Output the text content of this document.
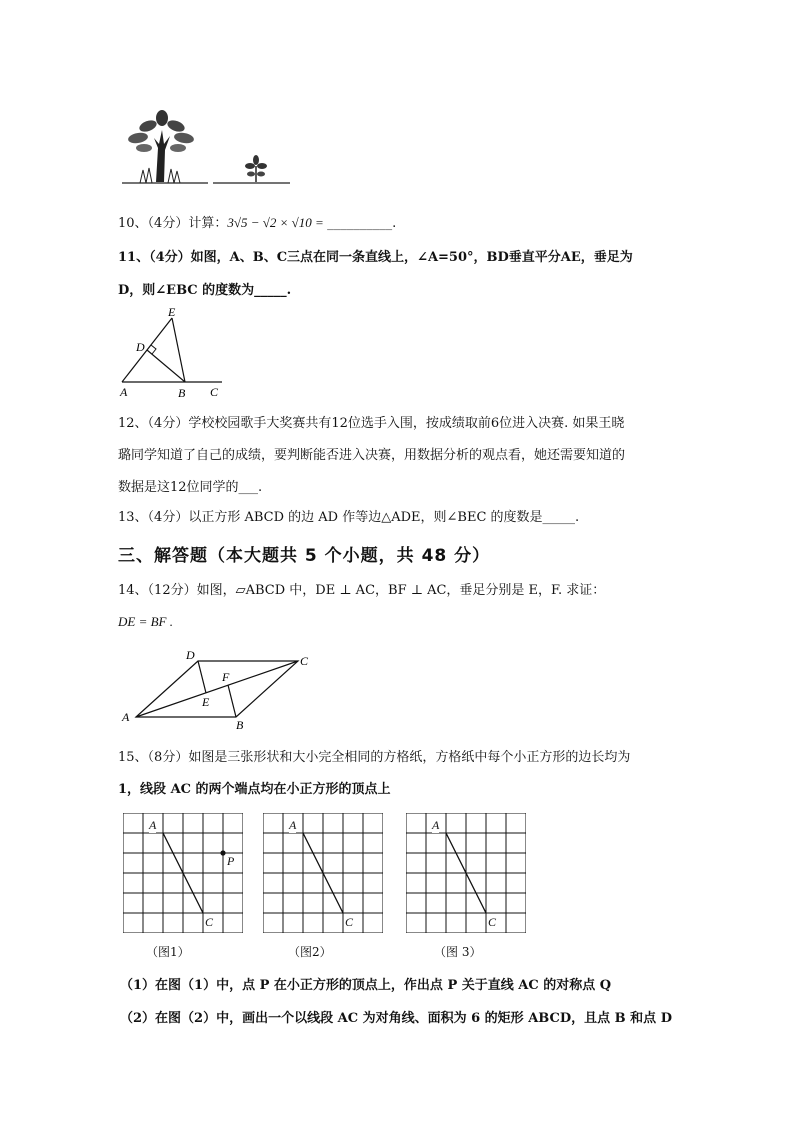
10、（4分）计算：3√5 − √2 × √10 = __________.
11、（4分）如图，A、B、C三点在同一条直线上，∠A=50°，BD垂直平分AE，垂足为
D，则∠EBC 的度数为_____.
E
D
A	B C
12、（4分）学校校园歌手大奖赛共有12位选手入围，按成绩取前6位进入决赛. 如果王晓
璐同学知道了自己的成绩，要判断能否进入决赛，用数据分析的观点看，她还需要知道的
数据是这12位同学的___.
13、（4分）以正方形 ABCD 的边 AD 作等边△ADE，则∠BEC 的度数是_____.
三、解答题（本大题共 5 个小题，共 48 分）
14、（12分）如图，▱ABCD 中，DE ⊥ AC，BF ⊥ AC，垂足分别是 E，F. 求证：
DE = BF .
D	C
F
E
A
B
15、（8分）如图是三张形状和大小完全相同的方格纸，方格纸中每个小正方形的边长均为
1，线段 AC 的两个端点均在小正方形的顶点上
A
C
P
（图1）
A
C
（图2）
A
C
（图 3）
（1）在图（1）中，点 P 在小正方形的顶点上，作出点 P 关于直线 AC 的对称点 Q
（2）在图（2）中，画出一个以线段 AC 为对角线、面积为 6 的矩形 ABCD，且点 B 和点 D
